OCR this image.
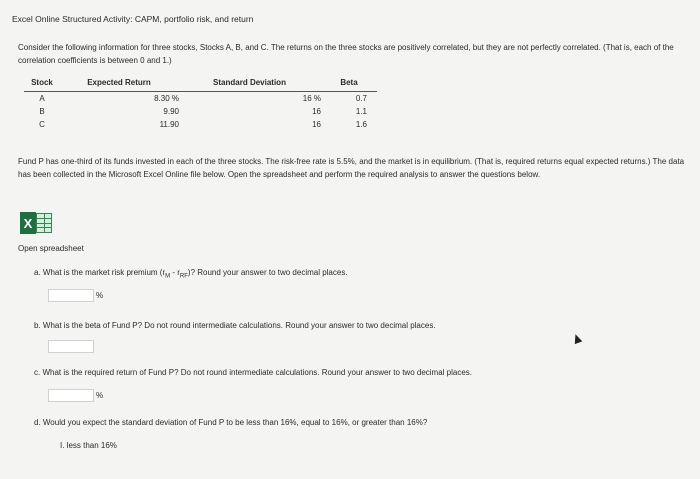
Excel Online Structured Activity: CAPM, portfolio risk, and return
Consider the following information for three stocks, Stocks A, B, and C. The returns on the three stocks are positively correlated, but they are not perfectly correlated. (That is, each of the correlation coefficients is between 0 and 1.)
Stock	Expected Return	Standard Deviation	Beta
A	8.30 %	16 %	0.7
B	9.90	16	1.1
C	11.90	16	1.6
Fund P has one-third of its funds invested in each of the three stocks. The risk-free rate is 5.5%, and the market is in equilibrium. (That is, required returns equal expected returns.) The data has been collected in the Microsoft Excel Online file below. Open the spreadsheet and perform the required analysis to answer the questions below.
X
Open spreadsheet
a. What is the market risk premium $(r_M - r_{RF})$? Round your answer to two decimal places.
%
b. What is the beta of Fund P? Do not round intermediate calculations. Round your answer to two decimal places.
c. What is the required return of Fund P? Do not round intermediate calculations. Round your answer to two decimal places.
%
d. Would you expect the standard deviation of Fund P to be less than 16%, equal to 16%, or greater than 16%?
I. less than 16%
